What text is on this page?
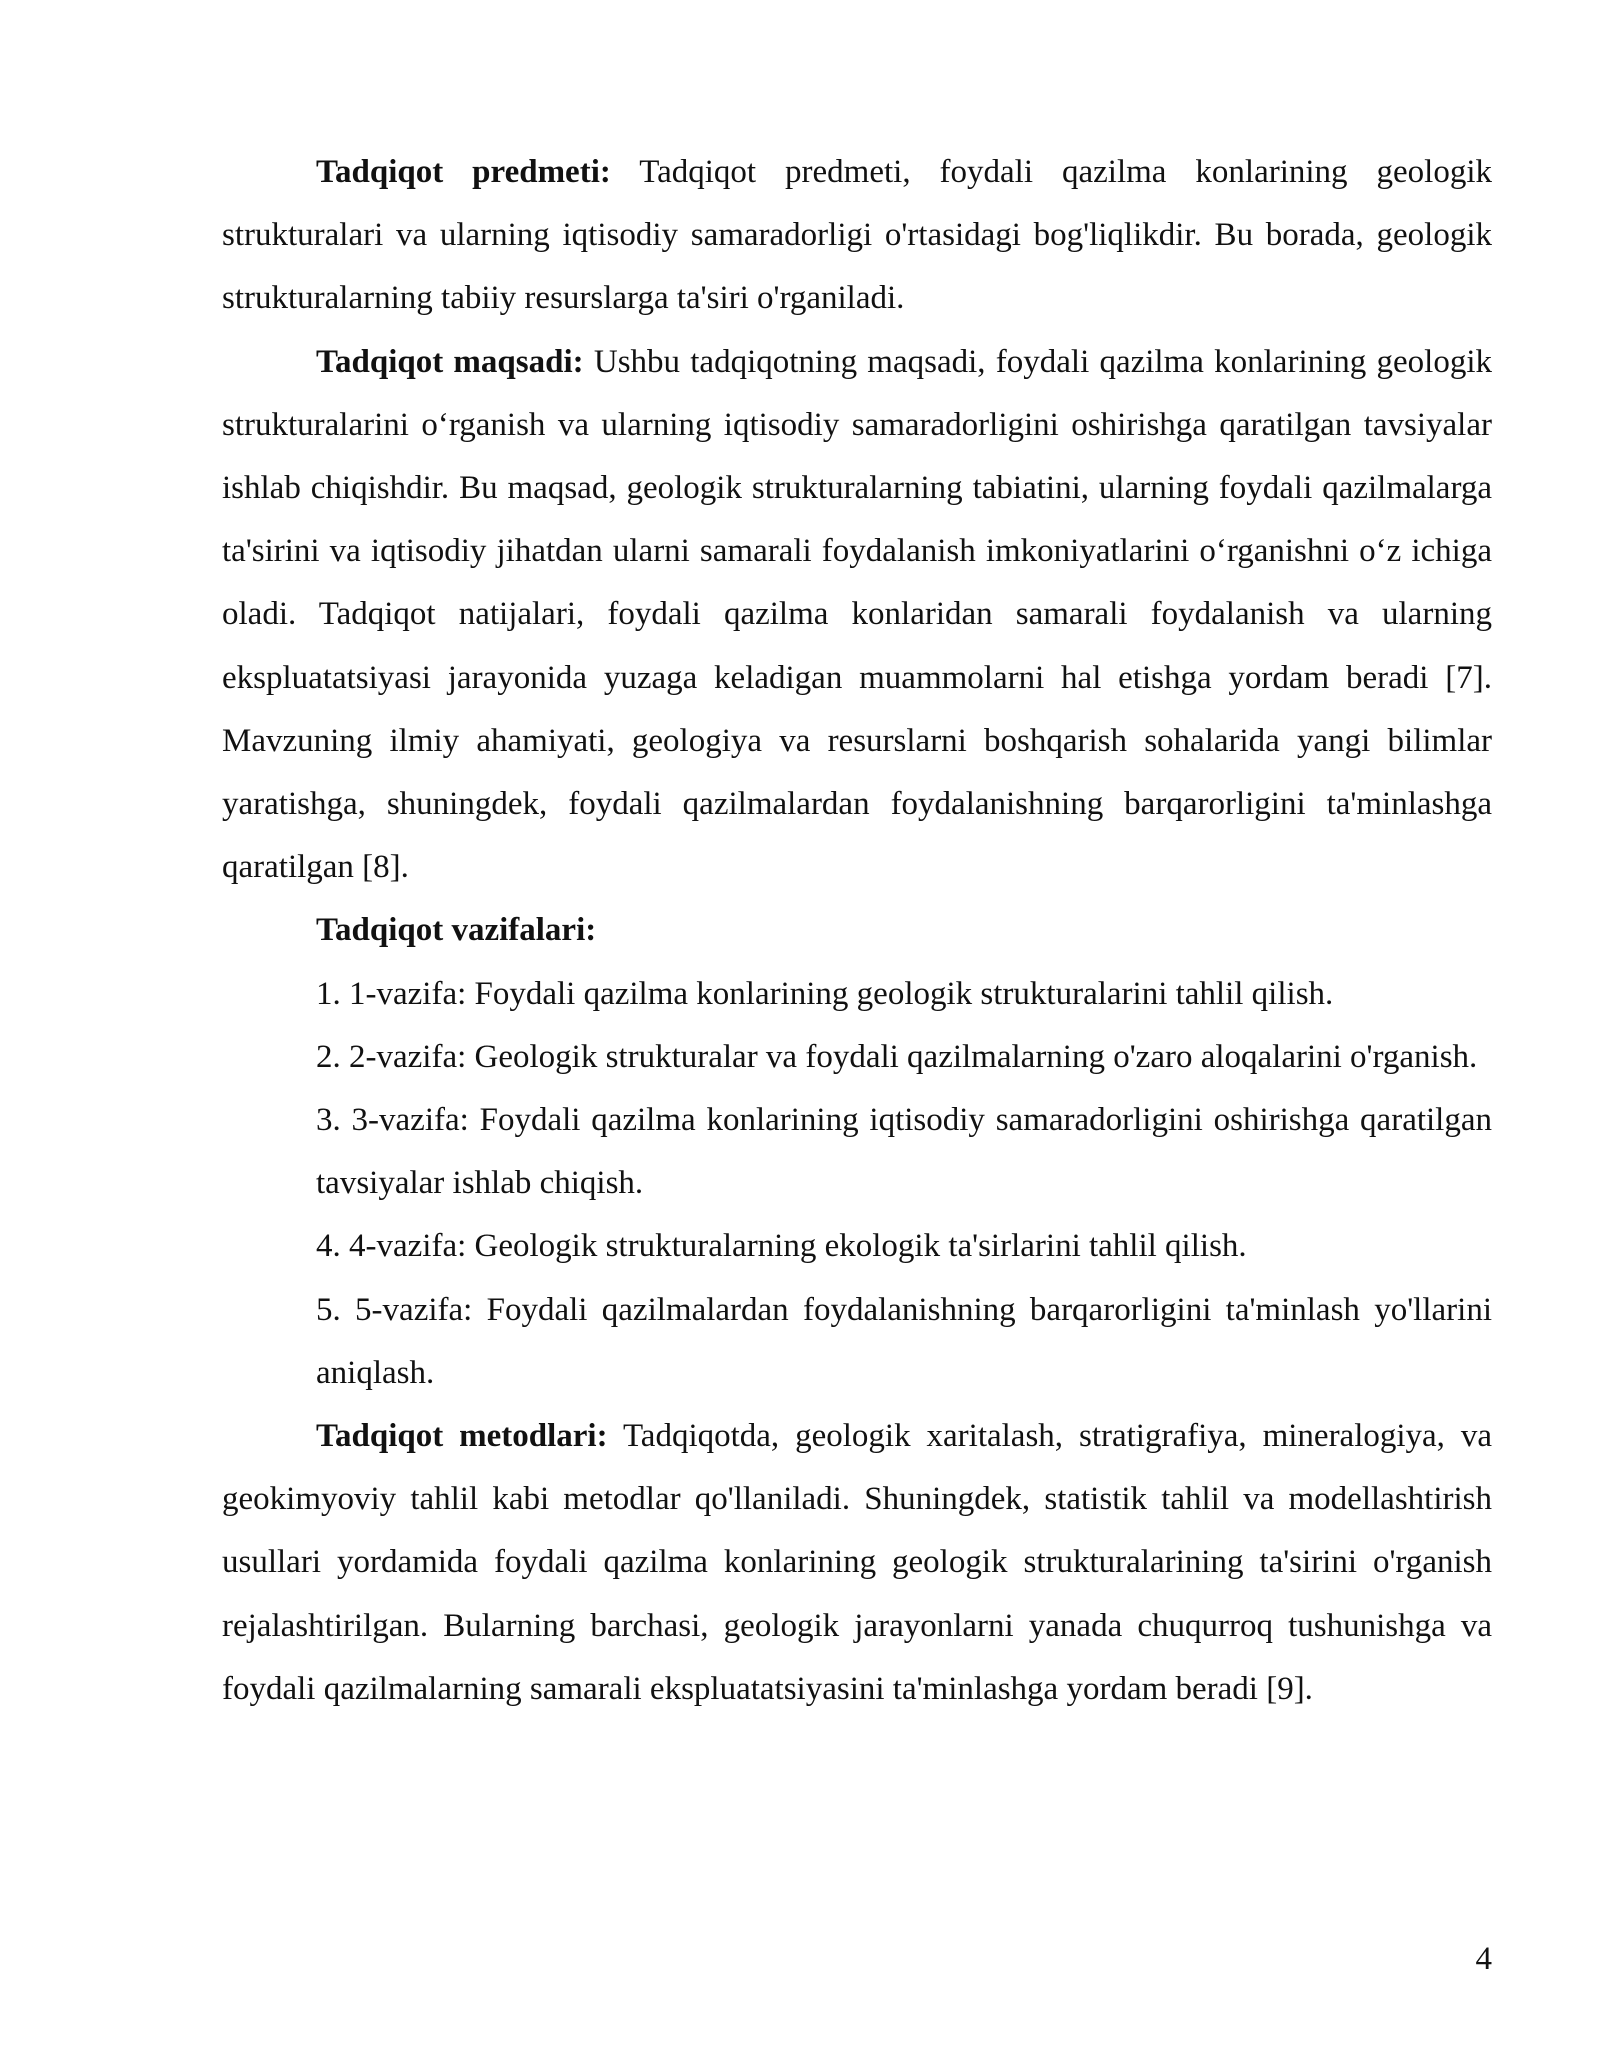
Tadqiqot predmeti: Tadqiqot predmeti, foydali qazilma konlarining geologik strukturalari va ularning iqtisodiy samaradorligi o'rtasidagi bog'liqlikdir. Bu borada, geologik strukturalarning tabiiy resurslarga ta'siri o'rganiladi.

Tadqiqot maqsadi: Ushbu tadqiqotning maqsadi, foydali qazilma konlarining geologik strukturalarini o‘rganish va ularning iqtisodiy samaradorligini oshirishga qaratilgan tavsiyalar ishlab chiqishdir. Bu maqsad, geologik strukturalarning tabiatini, ularning foydali qazilmalarga ta'sirini va iqtisodiy jihatdan ularni samarali foydalanish imkoniyatlarini o‘rganishni o‘z ichiga oladi. Tadqiqot natijalari, foydali qazilma konlaridan samarali foydalanish va ularning ekspluatatsiyasi jarayonida yuzaga keladigan muammolarni hal etishga yordam beradi [7]. Mavzuning ilmiy ahamiyati, geologiya va resurslarni boshqarish sohalarida yangi bilimlar yaratishga, shuningdek, foydali qazilmalardan foydalanishning barqarorligini ta'minlashga qaratilgan [8].

Tadqiqot vazifalari:

1. 1-vazifa: Foydali qazilma konlarining geologik strukturalarini tahlil qilish.

2. 2-vazifa: Geologik strukturalar va foydali qazilmalarning o'zaro aloqalarini o'rganish.

3. 3-vazifa: Foydali qazilma konlarining iqtisodiy samaradorligini oshirishga qaratilgan tavsiyalar ishlab chiqish.

4. 4-vazifa: Geologik strukturalarning ekologik ta'sirlarini tahlil qilish.

5. 5-vazifa: Foydali qazilmalardan foydalanishning barqarorligini ta'minlash yo'llarini aniqlash.

Tadqiqot metodlari: Tadqiqotda, geologik xaritalash, stratigrafiya, mineralogiya, va geokimyoviy tahlil kabi metodlar qo'llaniladi. Shuningdek, statistik tahlil va modellashtirish usullari yordamida foydali qazilma konlarining geologik strukturalarining ta'sirini o'rganish rejalashtirilgan. Bularning barchasi, geologik jarayonlarni yanada chuqurroq tushunishga va foydali qazilmalarning samarali ekspluatatsiyasini ta'minlashga yordam beradi [9].

4
